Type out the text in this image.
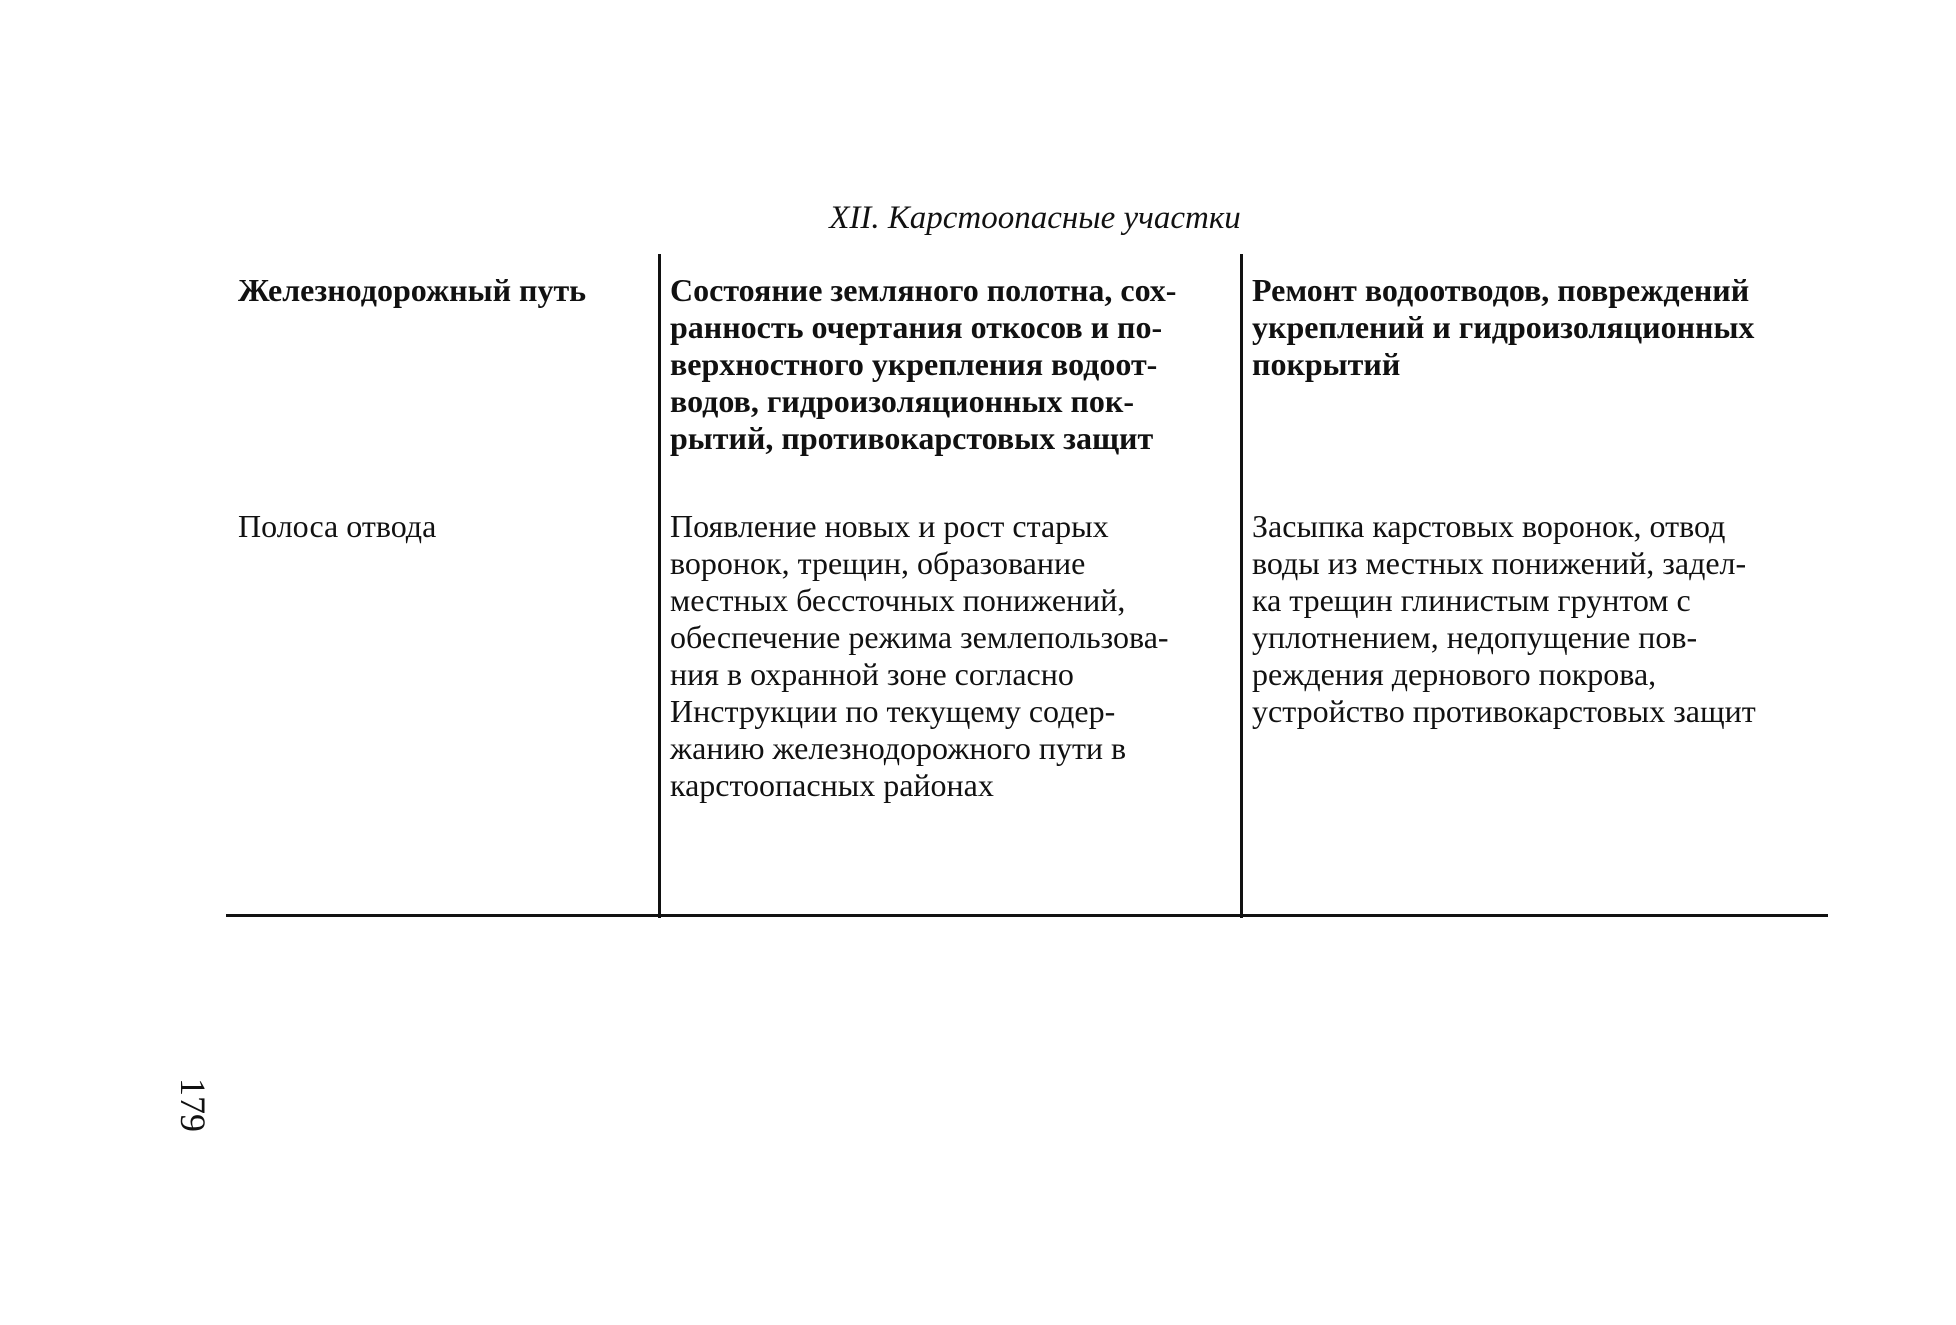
XII. Карстоопасные участки
Железнодорожный путь	Состояние земляного полотна, сох-
ранность очертания откосов и по-
верхностного укрепления водоот-
водов, гидроизоляционных пок-
рытий, противокарстовых защит
Ремонт водоотводов, повреждений
укреплений и гидроизоляционных
покрытий
Полоса отвода	Появление новых и рост старых
воронок, трещин, образование
местных бессточных понижений,
обеспечение режима землепользова-
ния в охранной зоне согласно
Инструкции по текущему содер-
жанию железнодорожного пути в
карстоопасных районах
Засыпка карстовых воронок, отвод
воды из местных понижений, задел-
ка трещин глинистым грунтом с
уплотнением, недопущение пов-
реждения дернового покрова,
устройство противокарстовых защит
179
